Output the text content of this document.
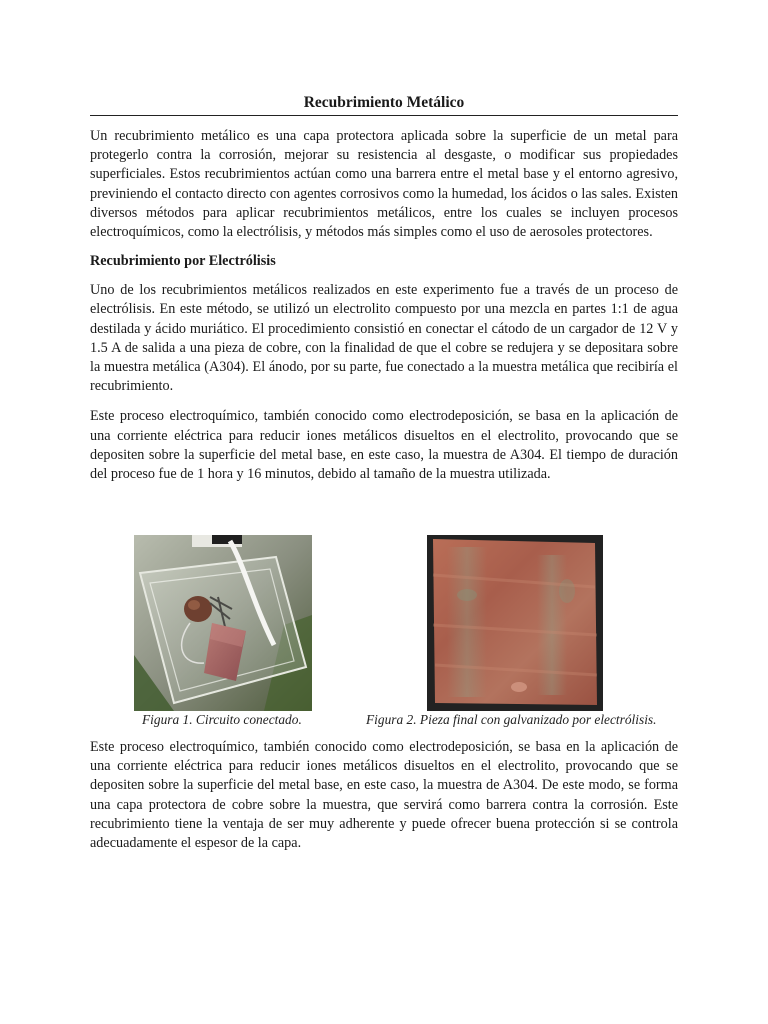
Recubrimiento Metálico

Un recubrimiento metálico es una capa protectora aplicada sobre la superficie de un metal para protegerlo contra la corrosión, mejorar su resistencia al desgaste, o modificar sus propiedades superficiales. Estos recubrimientos actúan como una barrera entre el metal base y el entorno agresivo, previniendo el contacto directo con agentes corrosivos como la humedad, los ácidos o las sales. Existen diversos métodos para aplicar recubrimientos metálicos, entre los cuales se incluyen procesos electroquímicos, como la electrólisis, y métodos más simples como el uso de aerosoles protectores.

Recubrimiento por Electrólisis

Uno de los recubrimientos metálicos realizados en este experimento fue a través de un proceso de electrólisis. En este método, se utilizó un electrolito compuesto por una mezcla en partes 1:1 de agua destilada y ácido muriático. El procedimiento consistió en conectar el cátodo de un cargador de 12 V y 1.5 A de salida a una pieza de cobre, con la finalidad de que el cobre se redujera y se depositara sobre la muestra metálica (A304). El ánodo, por su parte, fue conectado a la muestra metálica que recibiría el recubrimiento.

Este proceso electroquímico, también conocido como electrodeposición, se basa en la aplicación de una corriente eléctrica para reducir iones metálicos disueltos en el electrolito, provocando que se depositen sobre la superficie del metal base, en este caso, la muestra de A304. El tiempo de duración del proceso fue de 1 hora y 16 minutos, debido al tamaño de la muestra utilizada.

Figura 1. Circuito conectado.	Figura 2. Pieza final con galvanizado por electrólisis.

Este proceso electroquímico, también conocido como electrodeposición, se basa en la aplicación de una corriente eléctrica para reducir iones metálicos disueltos en el electrolito, provocando que se depositen sobre la superficie del metal base, en este caso, la muestra de A304. De este modo, se forma una capa protectora de cobre sobre la muestra, que servirá como barrera contra la corrosión. Este recubrimiento tiene la ventaja de ser muy adherente y puede ofrecer buena protección si se controla adecuadamente el espesor de la capa.
